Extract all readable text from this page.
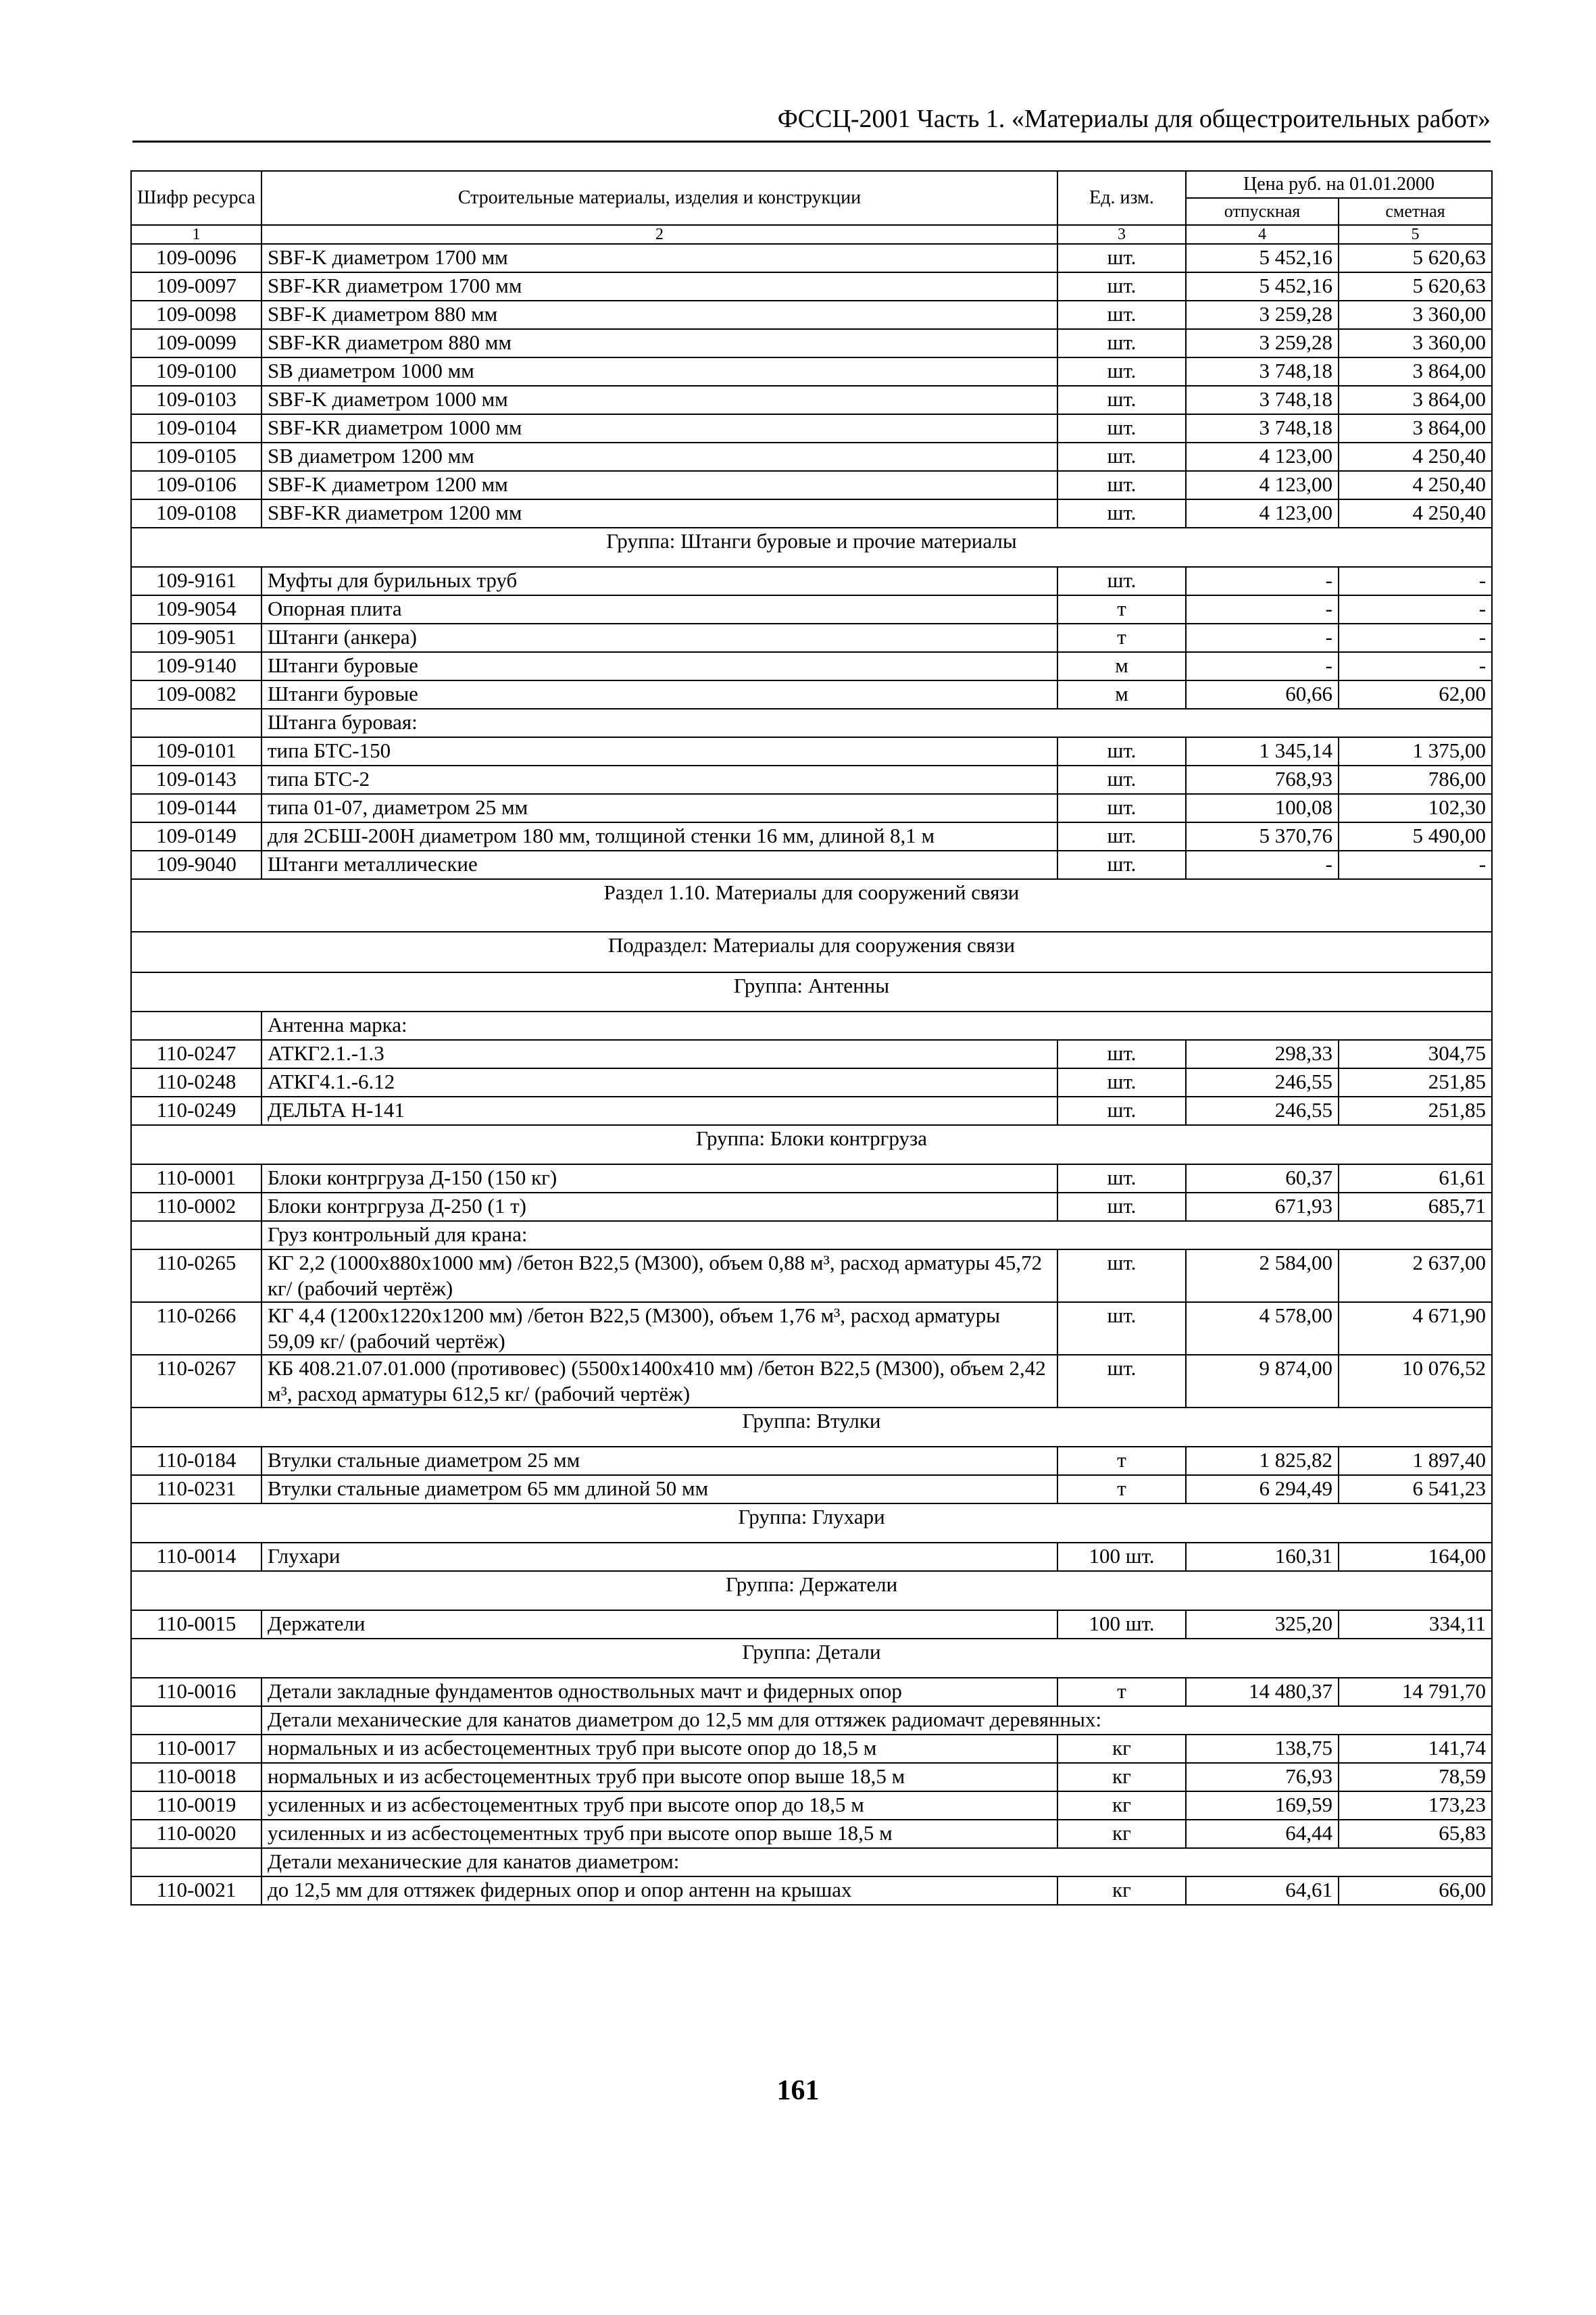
ФССЦ-2001 Часть 1. «Материалы для общестроительных работ»
Шифр ресурса	Строительные материалы, изделия и конструкции	Ед. изм.	Цена руб. на 01.01.2000	
			отпускная	сметная
1	2	3	4	5
109-0096	SBF-K диаметром 1700 мм	шт.	5 452,16	5 620,63
109-0097	SBF-KR диаметром 1700 мм	шт.	5 452,16	5 620,63
109-0098	SBF-K диаметром 880 мм	шт.	3 259,28	3 360,00
109-0099	SBF-KR диаметром 880 мм	шт.	3 259,28	3 360,00
109-0100	SB диаметром 1000 мм	шт.	3 748,18	3 864,00
109-0103	SBF-K диаметром 1000 мм	шт.	3 748,18	3 864,00
109-0104	SBF-KR диаметром 1000 мм	шт.	3 748,18	3 864,00
109-0105	SB диаметром 1200 мм	шт.	4 123,00	4 250,40
109-0106	SBF-K диаметром 1200 мм	шт.	4 123,00	4 250,40
109-0108	SBF-KR диаметром 1200 мм	шт.	4 123,00	4 250,40
Группа: Штанги буровые и прочие материалы				
109-9161	Муфты для бурильных труб	шт.	-	-
109-9054	Опорная плита	т	-	-
109-9051	Штанги (анкера)	т	-	-
109-9140	Штанги буровые	м	-	-
109-0082	Штанги буровые	м	60,66	62,00
	Штанга буровая:			
109-0101	типа БТС-150	шт.	1 345,14	1 375,00
109-0143	типа БТС-2	шт.	768,93	786,00
109-0144	типа 01-07, диаметром 25 мм	шт.	100,08	102,30
109-0149	для 2СБШ-200Н диаметром 180 мм, толщиной стенки 16 мм, длиной 8,1 м	шт.	5 370,76	5 490,00
109-9040	Штанги металлические	шт.	-	-
Раздел 1.10. Материалы для сооружений связи				
Подраздел: Материалы для сооружения связи				
Группа: Антенны				
	Антенна марка:			
110-0247	АТКГ2.1.-1.3	шт.	298,33	304,75
110-0248	АТКГ4.1.-6.12	шт.	246,55	251,85
110-0249	ДЕЛЬТА Н-141	шт.	246,55	251,85
Группа: Блоки контргруза				
110-0001	Блоки контргруза Д-150 (150 кг)	шт.	60,37	61,61
110-0002	Блоки контргруза Д-250 (1 т)	шт.	671,93	685,71
	Груз контрольный для крана:			
110-0265	КГ 2,2 (1000х880х1000 мм) /бетон В22,5 (М300), объем 0,88 м³, расход арматуры 45,72 кг/ (рабочий чертёж)	шт.	2 584,00	2 637,00
110-0266	КГ 4,4 (1200х1220х1200 мм) /бетон В22,5 (М300), объем 1,76 м³, расход арматуры 59,09 кг/ (рабочий чертёж)	шт.	4 578,00	4 671,90
110-0267	КБ 408.21.07.01.000 (противовес) (5500х1400х410 мм) /бетон В22,5 (М300), объем 2,42 м³, расход арматуры 612,5 кг/ (рабочий чертёж)	шт.	9 874,00	10 076,52
Группа: Втулки				
110-0184	Втулки стальные диаметром 25 мм	т	1 825,82	1 897,40
110-0231	Втулки стальные диаметром 65 мм длиной 50 мм	т	6 294,49	6 541,23
Группа: Глухари				
110-0014	Глухари	100 шт.	160,31	164,00
Группа: Держатели				
110-0015	Держатели	100 шт.	325,20	334,11
Группа: Детали				
110-0016	Детали закладные фундаментов одноствольных мачт и фидерных опор	т	14 480,37	14 791,70
	Детали механические для канатов диаметром до 12,5 мм для оттяжек радиомачт деревянных:			
110-0017	нормальных и из асбестоцементных труб при высоте опор до 18,5 м	кг	138,75	141,74
110-0018	нормальных и из асбестоцементных труб при высоте опор выше 18,5 м	кг	76,93	78,59
110-0019	усиленных и из асбестоцементных труб при высоте опор до 18,5 м	кг	169,59	173,23
110-0020	усиленных и из асбестоцементных труб при высоте опор выше 18,5 м	кг	64,44	65,83
	Детали механические для канатов диаметром:			
110-0021	до 12,5 мм для оттяжек фидерных опор и опор антенн на крышах	кг	64,61	66,00
161
